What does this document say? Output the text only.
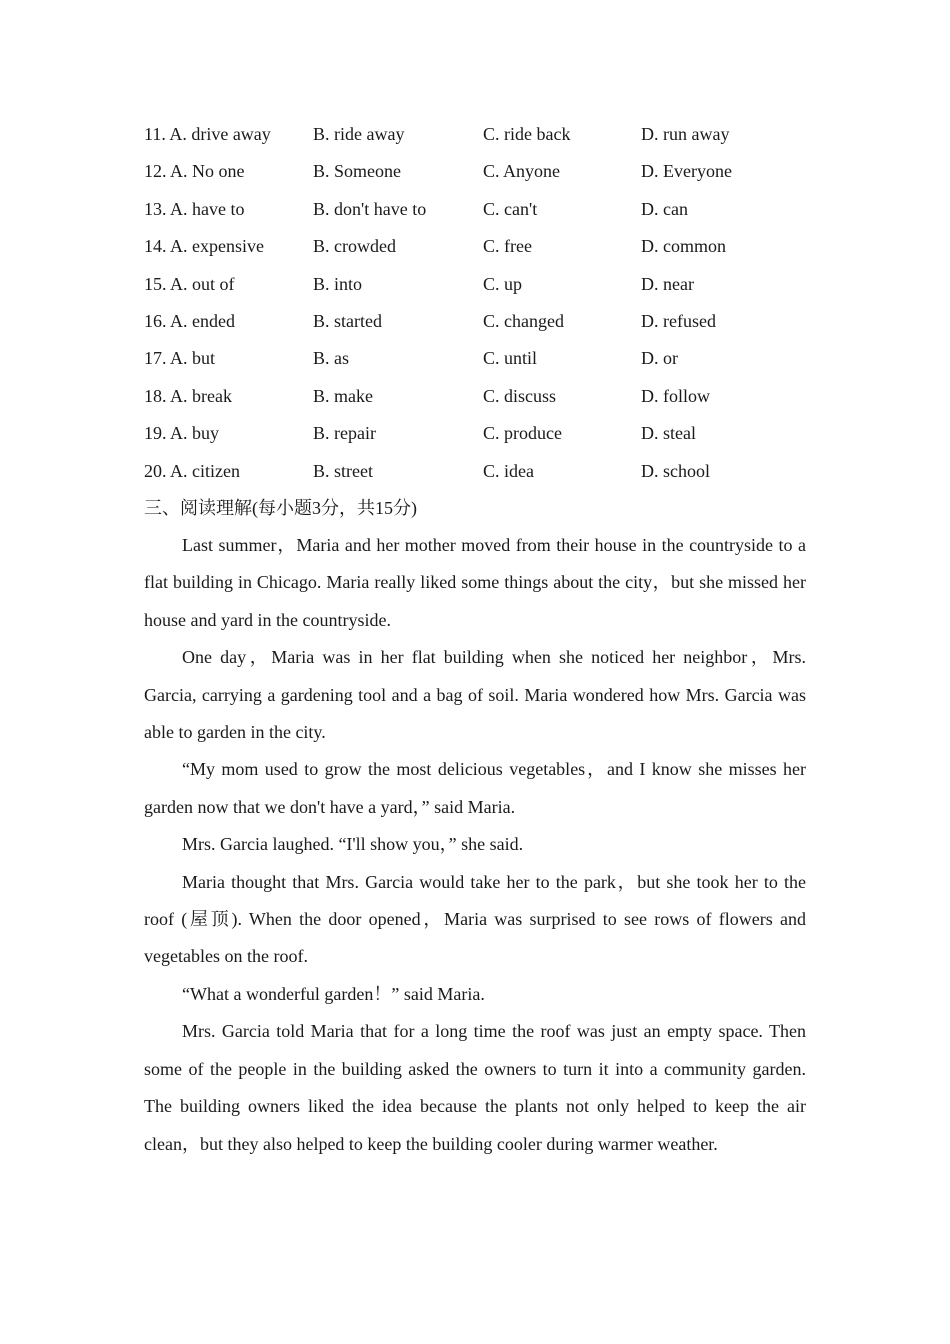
11. A. drive away B. ride away	C. ride back	D. run away
12. A. No one	B. Someone	C. Anyone	D. Everyone
13. A. have to	B. don't have to	C. can't	D. can
14. A. expensive	B. crowded	C. free	D. common
15. A. out of	B. into	C. up	D. near
16. A. ended	B. started	C. changed	D. refused
17. A. but	B. as	C. until	D. or
18. A. break	B. make	C. discuss	D. follow
19. A. buy	B. repair	C. produce	D. steal
20. A. citizen	B. street	C. idea	D. school
三、阅读理解(每小题3分，共15分)

Last summer，Maria and her mother moved from their house in the countryside to a flat building in Chicago. Maria really liked some things about the city，but she missed her house and yard in the countryside.

One day，Maria was in her flat building when she noticed her neighbor，Mrs. Garcia, carrying a gardening tool and a bag of soil. Maria wondered how Mrs. Garcia was able to garden in the city.

“My mom used to grow the most delicious vegetables，and I know she misses her garden now that we don't have a yard，” said Maria.

Mrs. Garcia laughed. “I'll show you，” she said.

Maria thought that Mrs. Garcia would take her to the park，but she took her to the roof (屋顶). When the door opened，Maria was surprised to see rows of flowers and vegetables on the roof.

“What a wonderful garden！” said Maria.

Mrs. Garcia told Maria that for a long time the roof was just an empty space. Then some of the people in the building asked the owners to turn it into a community garden. The building owners liked the idea because the plants not only helped to keep the air clean，but they also helped to keep the building cooler during warmer weather.
